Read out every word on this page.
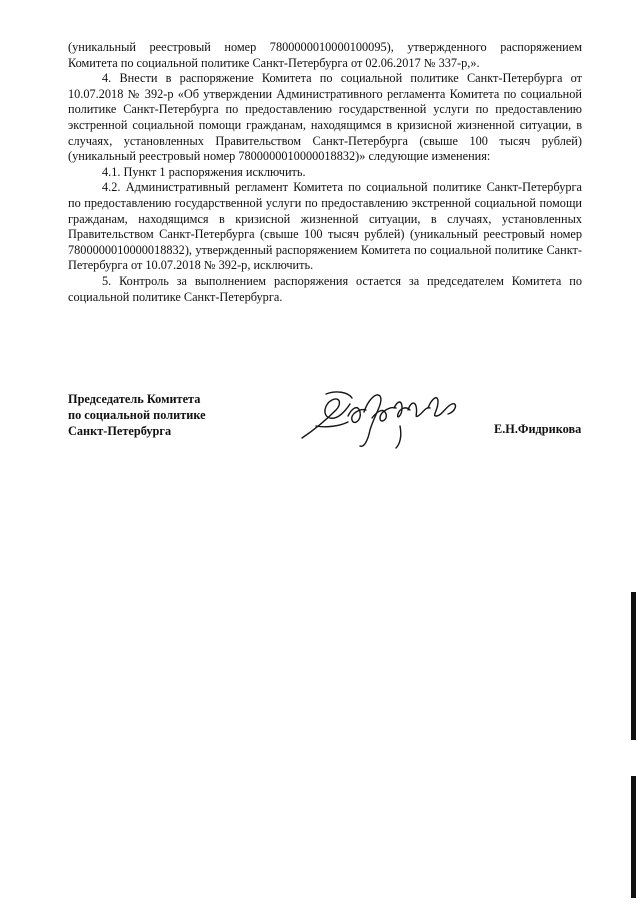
(уникальный реестровый номер 7800000010000100095), утвержденного распоряжением Комитета по социальной политике Санкт-Петербурга от 02.06.2017 № 337-р,».

4. Внести в распоряжение Комитета по социальной политике Санкт-Петербурга от 10.07.2018 № 392-р «Об утверждении Административного регламента Комитета по социальной политике Санкт-Петербурга по предоставлению государственной услуги по предоставлению экстренной социальной помощи гражданам, находящимся в кризисной жизненной ситуации, в случаях, установленных Правительством Санкт-Петербурга (свыше 100 тысяч рублей) (уникальный реестровый номер 7800000010000018832)» следующие изменения:

4.1. Пункт 1 распоряжения исключить.

4.2. Административный регламент Комитета по социальной политике Санкт-Петербурга по предоставлению государственной услуги по предоставлению экстренной социальной помощи гражданам, находящимся в кризисной жизненной ситуации, в случаях, установленных Правительством Санкт-Петербурга (свыше 100 тысяч рублей) (уникальный реестровый номер 7800000010000018832), утвержденный распоряжением Комитета по социальной политике Санкт-Петербурга от 10.07.2018 № 392-р, исключить.

5. Контроль за выполнением распоряжения остается за председателем Комитета по социальной политике Санкт-Петербурга.

Председатель Комитета
по социальной политике
Санкт-Петербурга	Е.Н.Фидрикова
